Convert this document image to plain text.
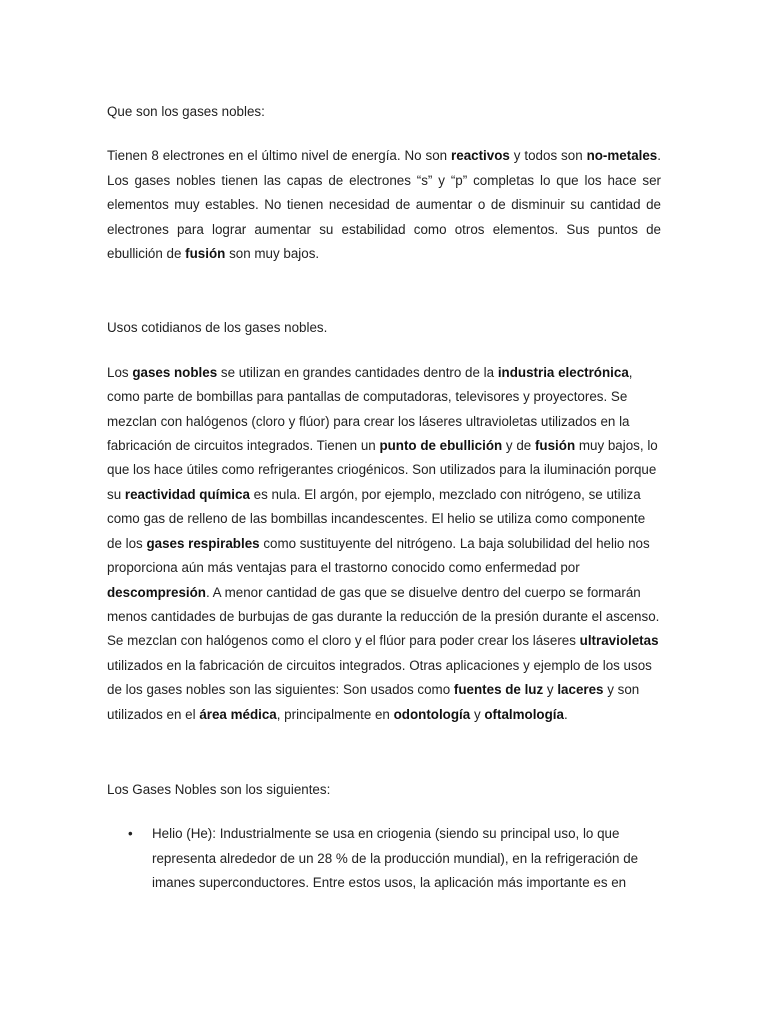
Que son los gases nobles:

Tienen 8 electrones en el último nivel de energía. No son reactivos y todos son no-metales. Los gases nobles tienen las capas de electrones “s” y “p” completas lo que los hace ser elementos muy estables. No tienen necesidad de aumentar o de disminuir su cantidad de electrones para lograr aumentar su estabilidad como otros elementos. Sus puntos de ebullición de fusión son muy bajos.

Usos cotidianos de los gases nobles.

Los gases nobles se utilizan en grandes cantidades dentro de la industria electrónica, como parte de bombillas para pantallas de computadoras, televisores y proyectores. Se mezclan con halógenos (cloro y flúor) para crear los láseres ultravioletas utilizados en la fabricación de circuitos integrados. Tienen un punto de ebullición y de fusión muy bajos, lo que los hace útiles como refrigerantes criogénicos. Son utilizados para la iluminación porque su reactividad química es nula. El argón, por ejemplo, mezclado con nitrógeno, se utiliza como gas de relleno de las bombillas incandescentes. El helio se utiliza como componente de los gases respirables como sustituyente del nitrógeno. La baja solubilidad del helio nos proporciona aún más ventajas para el trastorno conocido como enfermedad por descompresión. A menor cantidad de gas que se disuelve dentro del cuerpo se formarán menos cantidades de burbujas de gas durante la reducción de la presión durante el ascenso. Se mezclan con halógenos como el cloro y el flúor para poder crear los láseres ultravioletas utilizados en la fabricación de circuitos integrados. Otras aplicaciones y ejemplo de los usos de los gases nobles son las siguientes: Son usados como fuentes de luz y laceres y son utilizados en el área médica, principalmente en odontología y oftalmología.

Los Gases Nobles son los siguientes:

• Helio (He): Industrialmente se usa en criogenia (siendo su principal uso, lo que representa alrededor de un 28 % de la producción mundial), en la refrigeración de imanes superconductores. Entre estos usos, la aplicación más importante es en
